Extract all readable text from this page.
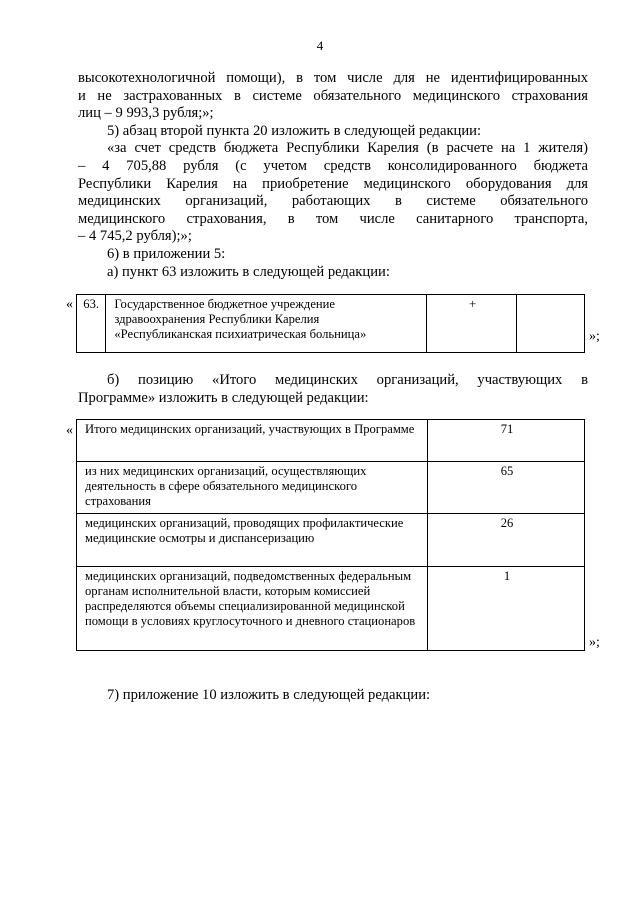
4

высокотехнологичной помощи), в том числе для не идентифицированных

и не застрахованных в системе обязательного медицинского страхования

лиц – 9 993,3 рубля;»;

5) абзац второй пункта 20 изложить в следующей редакции:

«за счет средств бюджета Республики Карелия (в расчете на 1 жителя)

– 4 705,88 рубля (с учетом средств консолидированного бюджета

Республики Карелия на приобретение медицинского оборудования для

медицинских организаций, работающих в системе обязательного

медицинского страхования, в том числе санитарного транспорта,

– 4 745,2 рубля);»;

6) в приложении 5:

а) пункт 63 изложить в следующей редакции:

« 63.	Государственное бюджетное учреждение здравоохранения Республики Карелия «Республиканская психиатрическая больница»	+	
»;

б) позицию «Итого медицинских организаций, участвующих в

Программе» изложить в следующей редакции:

« Итого медицинских организаций, участвующих в Программе	71
из них медицинских организаций, осуществляющих деятельность в сфере обязательного медицинского страхования	65
медицинских организаций, проводящих профилактические медицинские осмотры и диспансеризацию	26
медицинских организаций, подведомственных федеральным органам исполнительной власти, которым комиссией распределяются объемы специализированной медицинской помощи в условиях круглосуточного и дневного стационаров	1
»;

7) приложение 10 изложить в следующей редакции:
